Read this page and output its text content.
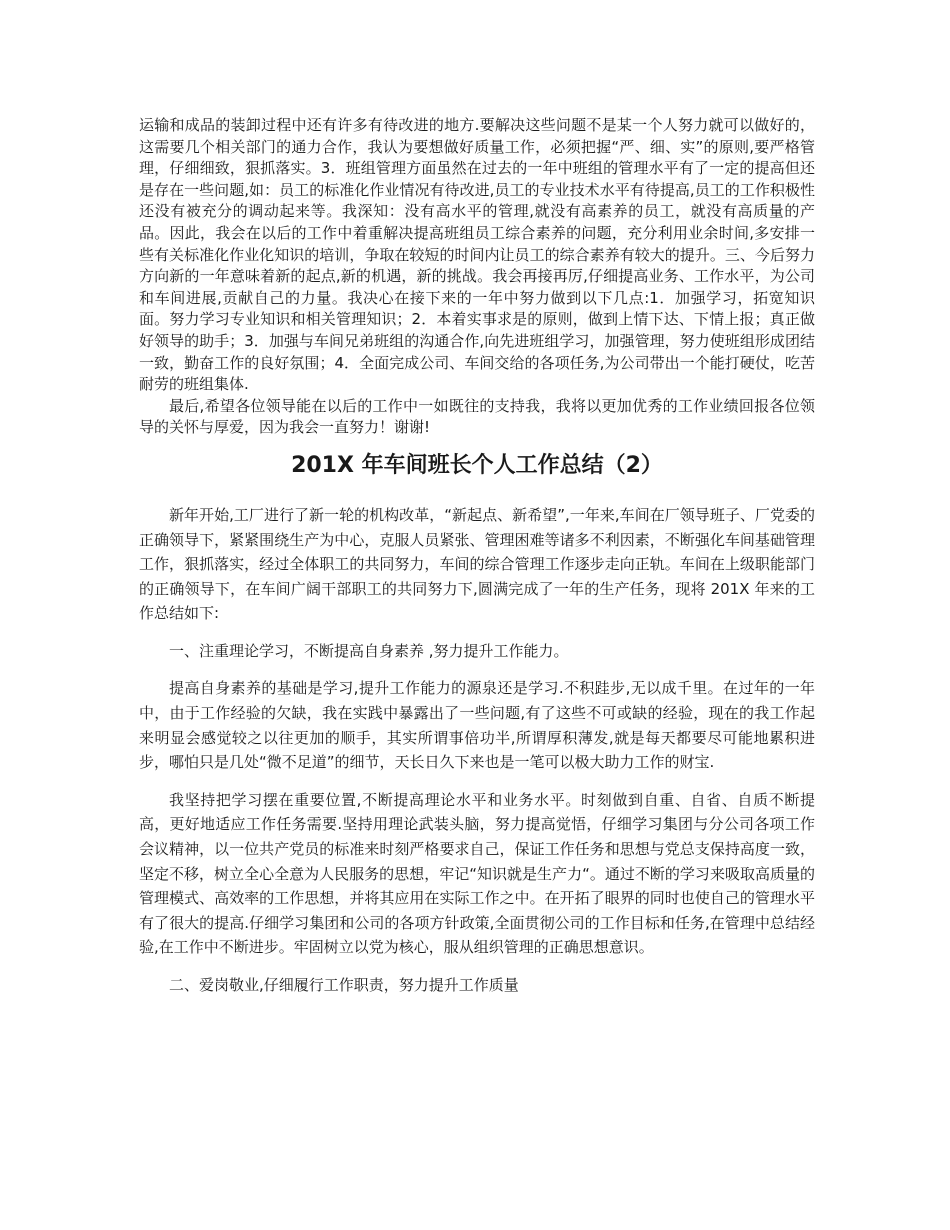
运输和成品的装卸过程中还有许多有待改进的地方.要解决这些问题不是某一个人努力就可以做好的，这需要几个相关部门的通力合作，我认为要想做好质量工作，必须把握“严、细、实”的原则,要严格管理，仔细细致，狠抓落实。3．班组管理方面虽然在过去的一年中班组的管理水平有了一定的提高但还是存在一些问题,如：员工的标准化作业情况有待改进,员工的专业技术水平有待提高,员工的工作积极性还没有被充分的调动起来等。我深知：没有高水平的管理,就没有高素养的员工，就没有高质量的产品。因此，我会在以后的工作中着重解决提高班组员工综合素养的问题，充分利用业余时间,多安排一些有关标准化作业化知识的培训，争取在较短的时间内让员工的综合素养有较大的提升。三、今后努力方向新的一年意味着新的起点,新的机遇，新的挑战。我会再接再厉,仔细提高业务、工作水平，为公司和车间进展,贡献自己的力量。我决心在接下来的一年中努力做到以下几点:1．加强学习，拓宽知识面。努力学习专业知识和相关管理知识；2．本着实事求是的原则，做到上情下达、下情上报；真正做好领导的助手；3．加强与车间兄弟班组的沟通合作,向先进班组学习，加强管理，努力使班组形成团结一致，勤奋工作的良好氛围；4．全面完成公司、车间交给的各项任务,为公司带出一个能打硬仗，吃苦耐劳的班组集体.

最后,希望各位领导能在以后的工作中一如既往的支持我，我将以更加优秀的工作业绩回报各位领导的关怀与厚爱，因为我会一直努力！谢谢!

201X 年车间班长个人工作总结（2）

新年开始,工厂进行了新一轮的机构改革，“新起点、新希望”,一年来,车间在厂领导班子、厂党委的正确领导下，紧紧围绕生产为中心，克服人员紧张、管理困难等诸多不利因素，不断强化车间基础管理工作，狠抓落实，经过全体职工的共同努力，车间的综合管理工作逐步走向正轨。车间在上级职能部门的正确领导下，在车间广阔干部职工的共同努力下,圆满完成了一年的生产任务，现将 201X 年来的工作总结如下:

一、注重理论学习，不断提高自身素养 ,努力提升工作能力。

提高自身素养的基础是学习,提升工作能力的源泉还是学习.不积跬步,无以成千里。在过年的一年中，由于工作经验的欠缺，我在实践中暴露出了一些问题,有了这些不可或缺的经验，现在的我工作起来明显会感觉较之以往更加的顺手，其实所谓事倍功半,所谓厚积薄发,就是每天都要尽可能地累积进步，哪怕只是几处“微不足道”的细节，天长日久下来也是一笔可以极大助力工作的财宝.

我坚持把学习摆在重要位置,不断提高理论水平和业务水平。时刻做到自重、自省、自质不断提高，更好地适应工作任务需要.坚持用理论武装头脑，努力提高觉悟，仔细学习集团与分公司各项工作会议精神，以一位共产党员的标准来时刻严格要求自己，保证工作任务和思想与党总支保持高度一致，坚定不移，树立全心全意为人民服务的思想，牢记“知识就是生产力“。通过不断的学习来吸取高质量的管理模式、高效率的工作思想，并将其应用在实际工作之中。在开拓了眼界的同时也使自己的管理水平有了很大的提高.仔细学习集团和公司的各项方针政策,全面贯彻公司的工作目标和任务,在管理中总结经验,在工作中不断进步。牢固树立以党为核心，服从组织管理的正确思想意识。

二、爱岗敬业,仔细履行工作职责，努力提升工作质量
